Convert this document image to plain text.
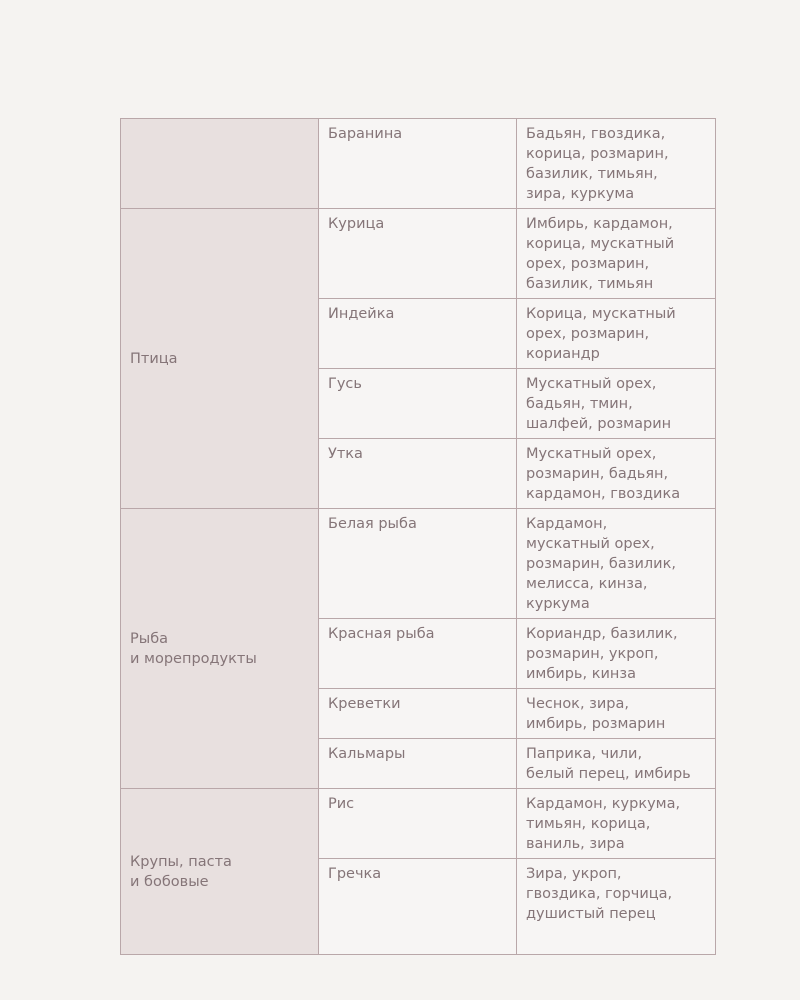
	Баранина	Бадьян, гвоздика,
корица, розмарин,
базилик, тимьян,
зира, куркума

Птица	Курица	Имбирь, кардамон,
корица, мускатный
орех, розмарин,
базилик, тимьян

	Индейка	Корица, мускатный
орех, розмарин,
кориандр

	Гусь	Мускатный орех,
бадьян, тмин,
шалфей, розмарин

	Утка	Мускатный орех,
розмарин, бадьян,
кардамон, гвоздика

Рыба
и морепродукты	Белая рыба	Кардамон,
мускатный орех,
розмарин, базилик,
мелисса, кинза,
куркума

	Красная рыба	Кориандр, базилик,
розмарин, укроп,
имбирь, кинза

	Креветки	Чеснок, зира,
имбирь, розмарин

	Кальмары	Паприка, чили,
белый перец, имбирь

Крупы, паста
и бобовые	Рис	Кардамон, куркума,
тимьян, корица,
ваниль, зира

	Гречка	Зира, укроп,
гвоздика, горчица,
душистый перец
